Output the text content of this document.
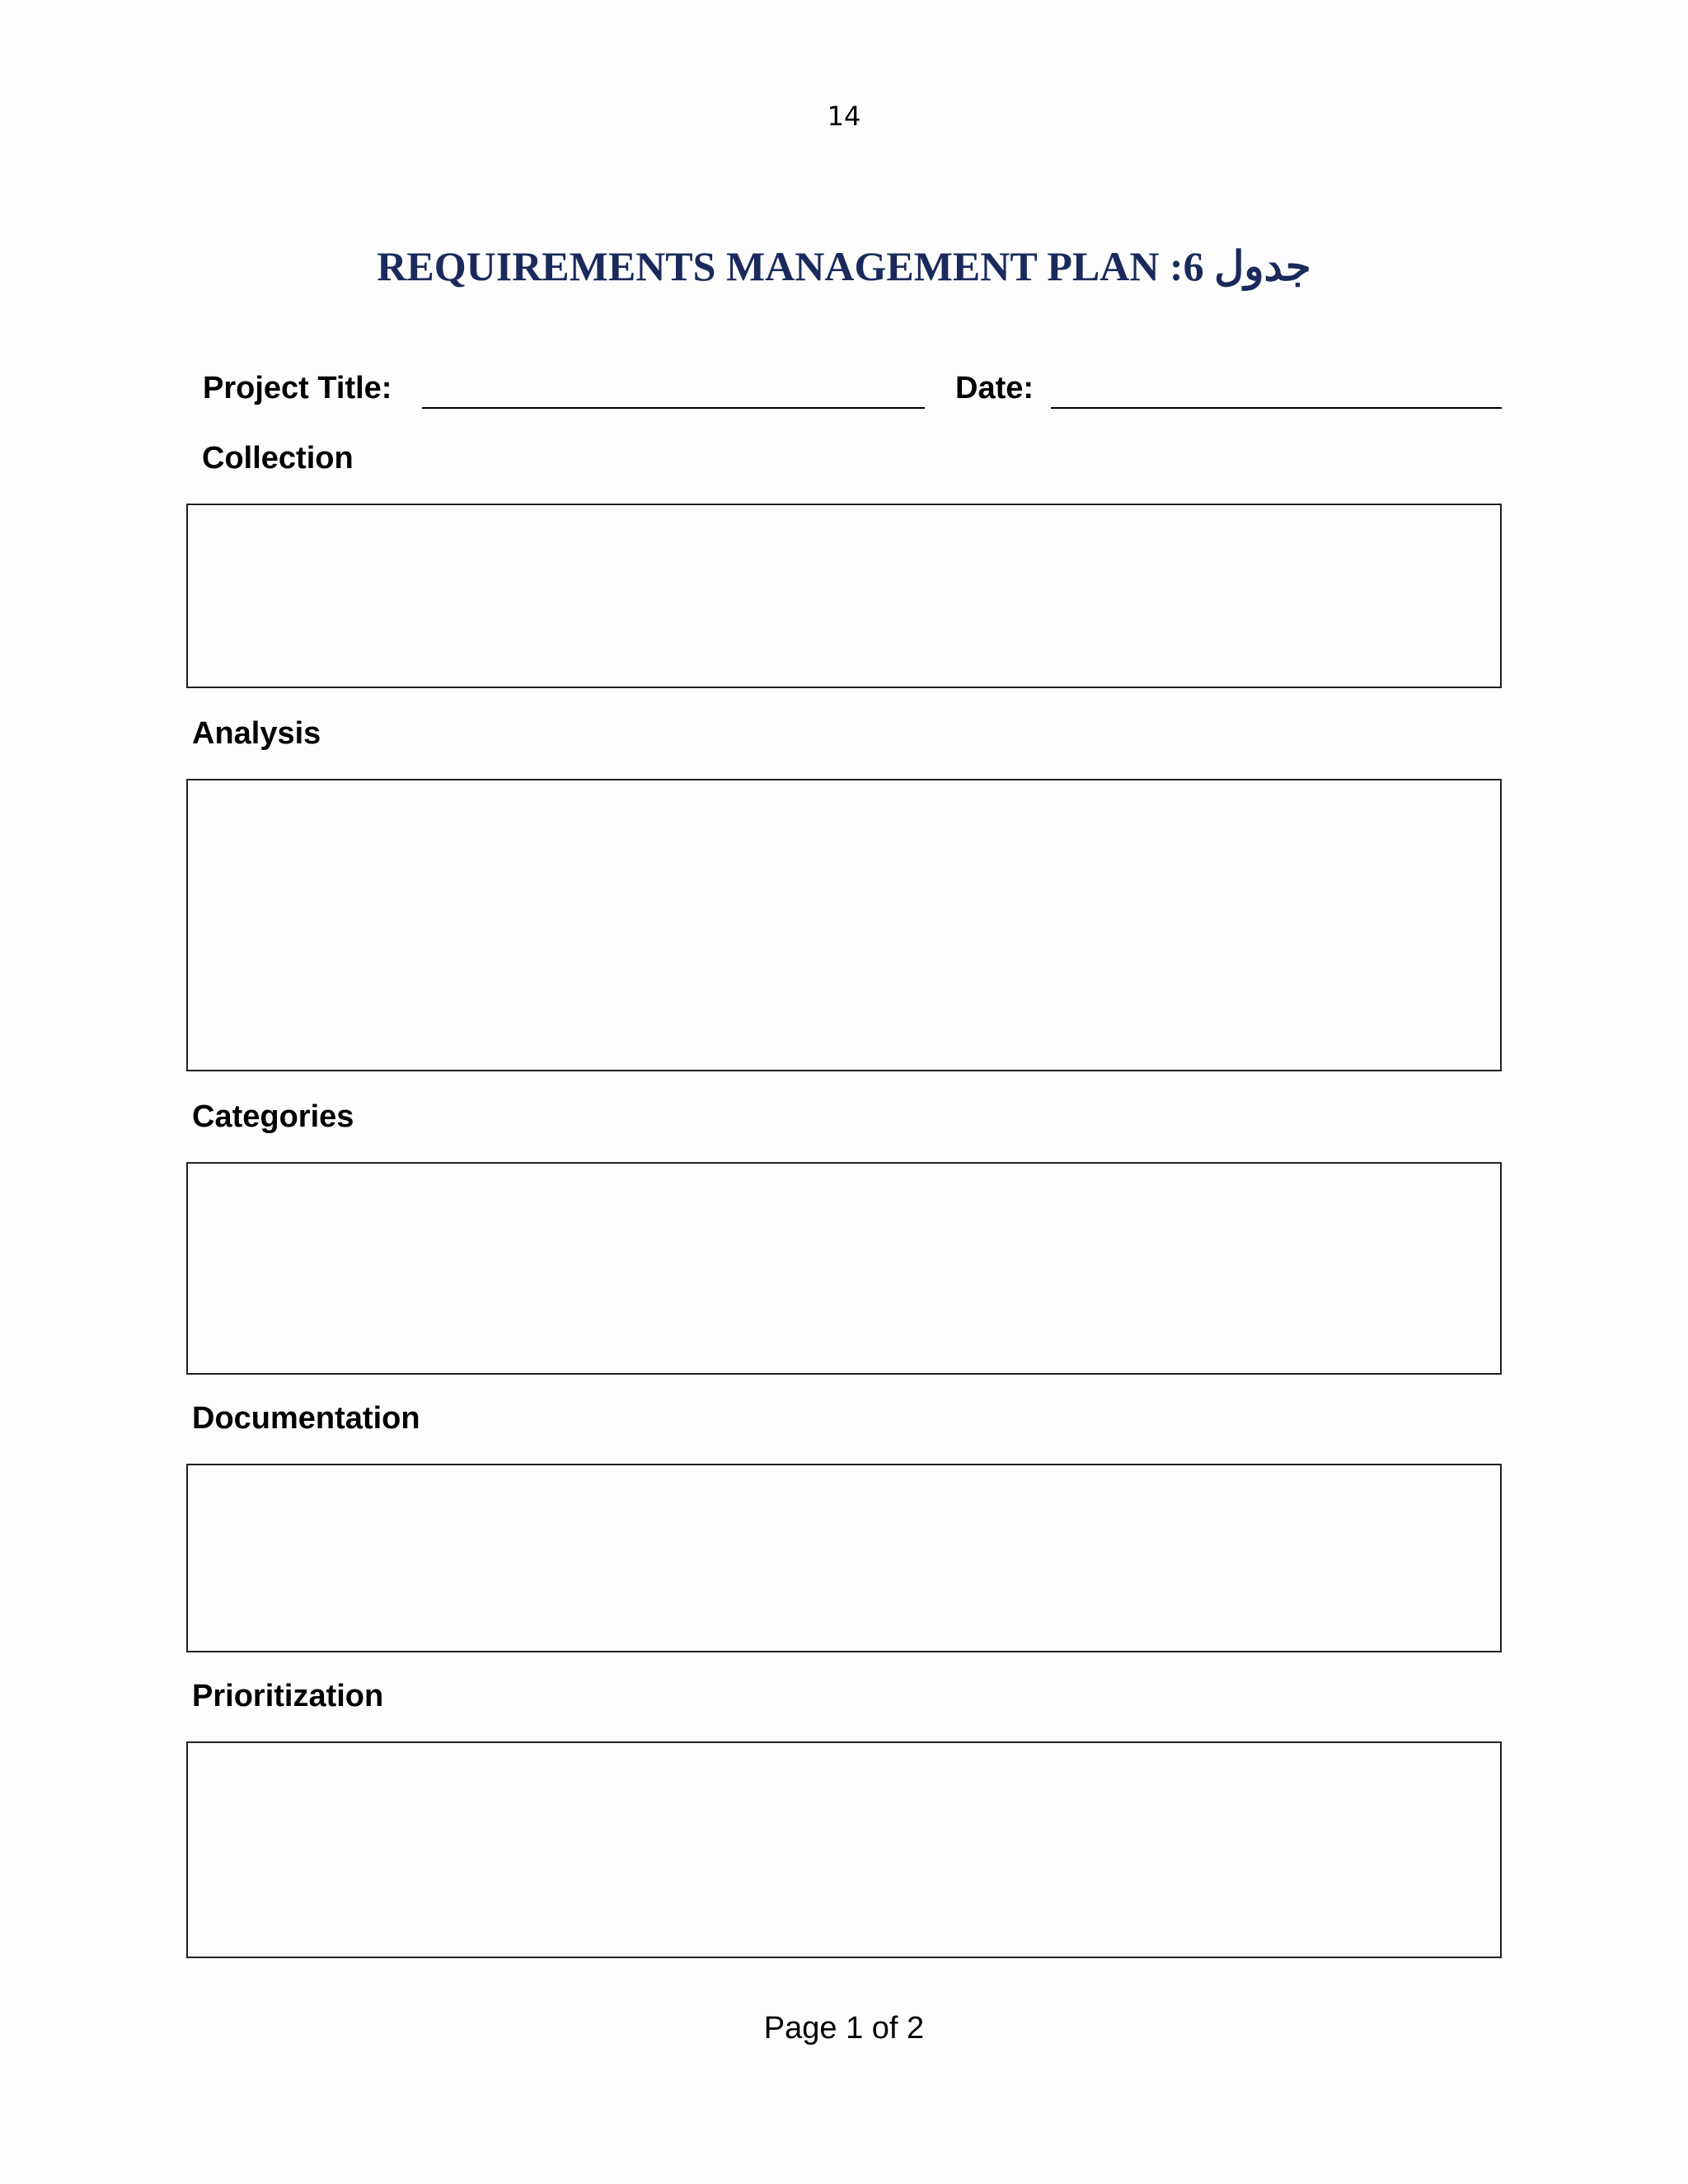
14
REQUIREMENTS MANAGEMENT PLAN :6 جدول
Project Title:	Date:
Collection
Analysis
Categories
Documentation
Prioritization
Page 1 of 2
